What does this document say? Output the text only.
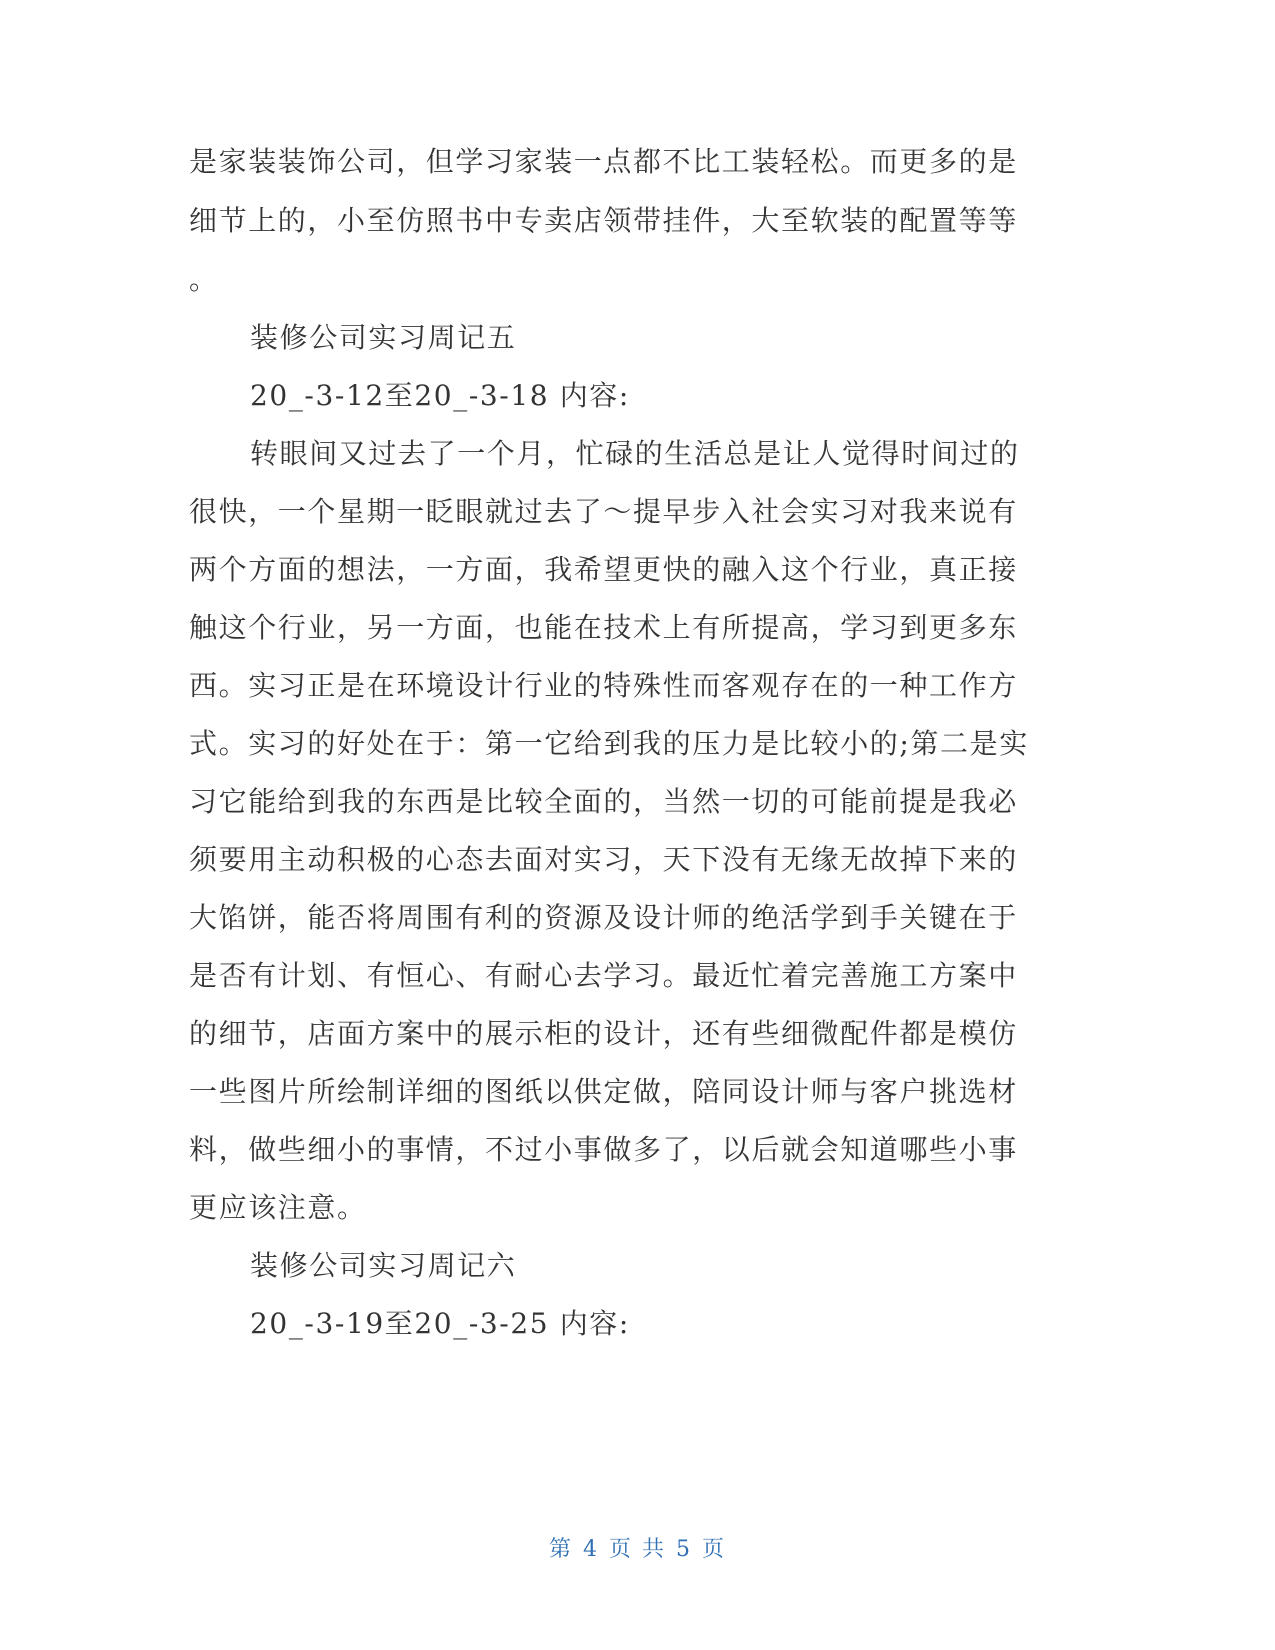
是家装装饰公司，但学习家装一点都不比工装轻松。而更多的是
细节上的，小至仿照书中专卖店领带挂件，大至软装的配置等等
。
装修公司实习周记五
20_-3-12至20_-3-18 内容:
转眼间又过去了一个月，忙碌的生活总是让人觉得时间过的
很快，一个星期一眨眼就过去了～提早步入社会实习对我来说有
两个方面的想法，一方面，我希望更快的融入这个行业，真正接
触这个行业，另一方面，也能在技术上有所提高，学习到更多东
西。实习正是在环境设计行业的特殊性而客观存在的一种工作方
式。实习的好处在于：第一它给到我的压力是比较小的;第二是实
习它能给到我的东西是比较全面的，当然一切的可能前提是我必
须要用主动积极的心态去面对实习，天下没有无缘无故掉下来的
大馅饼，能否将周围有利的资源及设计师的绝活学到手关键在于
是否有计划、有恒心、有耐心去学习。最近忙着完善施工方案中
的细节，店面方案中的展示柜的设计，还有些细微配件都是模仿
一些图片所绘制详细的图纸以供定做，陪同设计师与客户挑选材
料，做些细小的事情，不过小事做多了，以后就会知道哪些小事
更应该注意。
装修公司实习周记六
20_-3-19至20_-3-25 内容:
第 4 页 共 5 页
